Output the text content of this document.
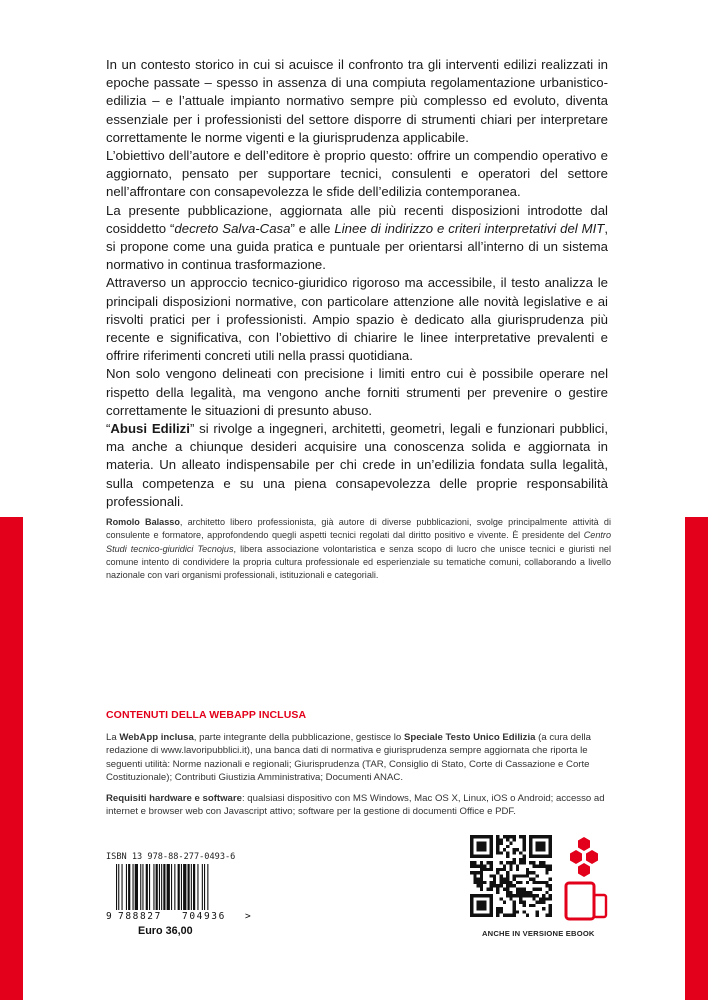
In un contesto storico in cui si acuisce il confronto tra gli interventi edilizi realizzati in epoche passate – spesso in assenza di una compiuta regolamentazione urbanistico-edilizia – e l’attuale impianto normativo sempre più complesso ed evoluto, diventa essenziale per i professionisti del settore disporre di strumenti chiari per interpretare correttamente le norme vigenti e la giurisprudenza applicabile.

L’obiettivo dell’autore e dell’editore è proprio questo: offrire un compendio operativo e aggiornato, pensato per supportare tecnici, consulenti e operatori del settore nell’affrontare con consapevolezza le sfide dell’edilizia contemporanea.

La presente pubblicazione, aggiornata alle più recenti disposizioni introdotte dal cosiddetto “decreto Salva-Casa” e alle Linee di indirizzo e criteri interpretativi del MIT, si propone come una guida pratica e puntuale per orientarsi all’interno di un sistema normativo in continua trasformazione.

Attraverso un approccio tecnico-giuridico rigoroso ma accessibile, il testo analizza le principali disposizioni normative, con particolare attenzione alle novità legislative e ai risvolti pratici per i professionisti. Ampio spazio è dedicato alla giurisprudenza più recente e significativa, con l’obiettivo di chiarire le linee interpretative prevalenti e offrire riferimenti concreti utili nella prassi quotidiana.

Non solo vengono delineati con precisione i limiti entro cui è possibile operare nel rispetto della legalità, ma vengono anche forniti strumenti per prevenire o gestire correttamente le situazioni di presunto abuso.

“Abusi Edilizi” si rivolge a ingegneri, architetti, geometri, legali e funzionari pubblici, ma anche a chiunque desideri acquisire una conoscenza solida e aggiornata in materia. Un alleato indispensabile per chi crede in un’edilizia fondata sulla legalità, sulla competenza e su una piena consapevolezza delle proprie responsabilità professionali.

Romolo Balasso, architetto libero professionista, già autore di diverse pubblicazioni, svolge principalmente attività di consulente e formatore, approfondendo quegli aspetti tecnici regolati dal diritto positivo e vivente. È presidente del Centro Studi tecnico-giuridici Tecnojus, libera associazione volontaristica e senza scopo di lucro che unisce tecnici e giuristi nel comune intento di condividere la propria cultura professionale ed esperienziale su tematiche comuni, collaborando a livello nazionale con vari organismi professionali, istituzionali e categoriali.

CONTENUTI DELLA WEBAPP INCLUSA

La WebApp inclusa, parte integrante della pubblicazione, gestisce lo Speciale Testo Unico Edilizia (a cura della redazione di www.lavoripubblici.it), una banca dati di normativa e giurisprudenza sempre aggiornata che riporta le seguenti utilità: Norme nazionali e regionali; Giurisprudenza (TAR, Consiglio di Stato, Corte di Cassazione e Corte Costituzionale); Contributi Giustizia Amministrativa; Documenti ANAC.

Requisiti hardware e software: qualsiasi dispositivo con MS Windows, Mac OS X, Linux, iOS o Android; accesso ad internet e browser web con Javascript attivo; software per la gestione di documenti Office e PDF.

ISBN 13 978-88-277-0493-6
9 788827 704936 >
Euro 36,00	ANCHE IN VERSIONE EBOOK
